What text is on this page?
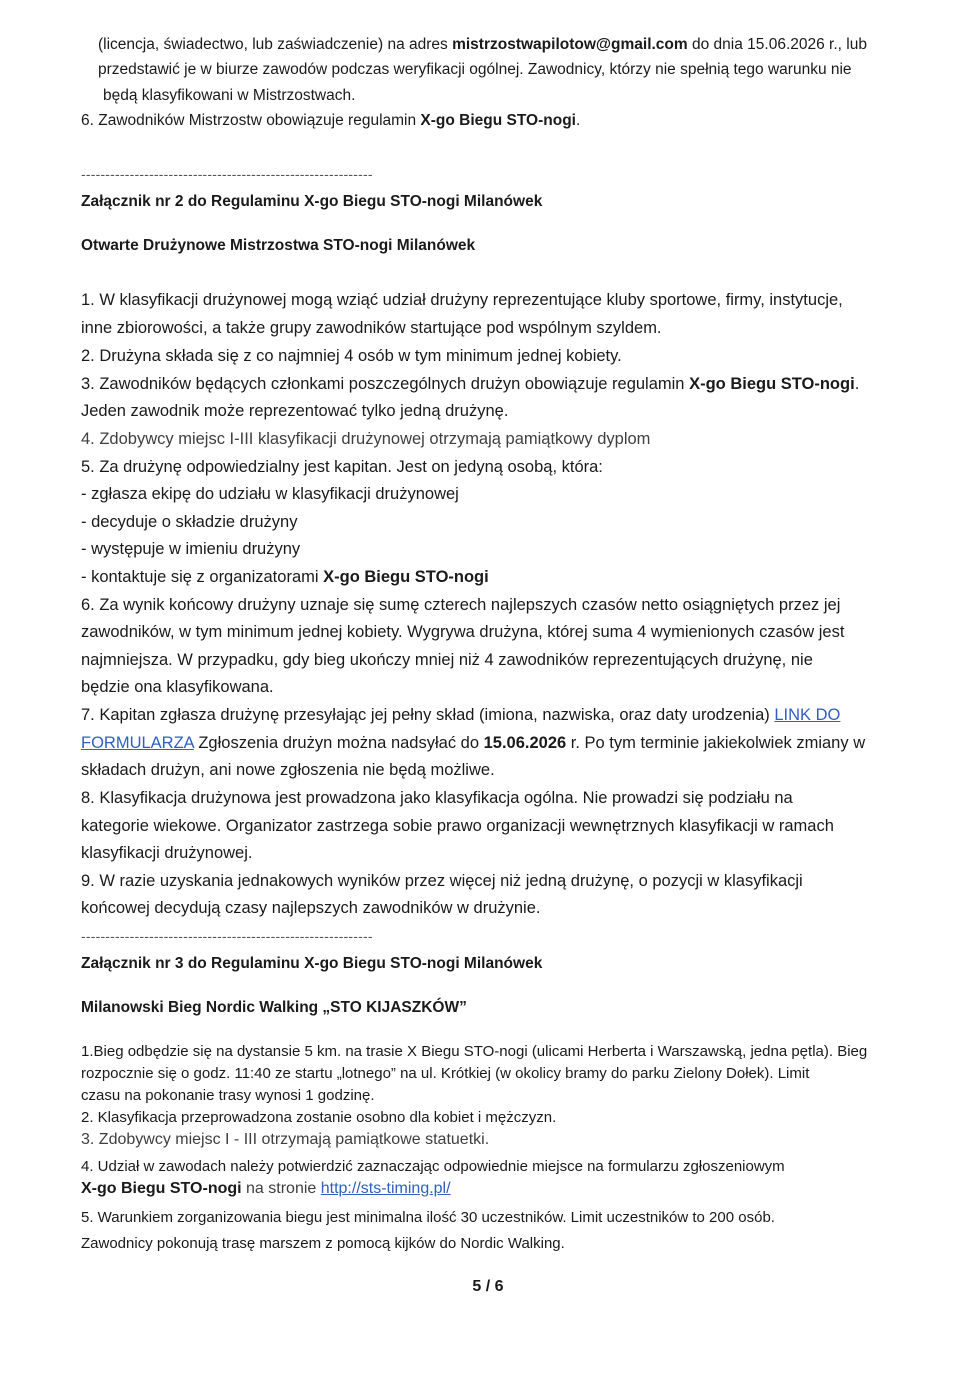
(licencja, świadectwo, lub zaświadczenie) na adres mistrzostwapilotow@gmail.com do dnia 15.06.2026 r., lub
przedstawić je w biurze zawodów podczas weryfikacji ogólnej. Zawodnicy, którzy nie spełnią tego warunku nie
będą klasyfikowani w Mistrzostwach.
6. Zawodników Mistrzostw obowiązuje regulamin X-go Biegu STO-nogi.
------------------------------------------------------------
Załącznik nr 2 do Regulaminu X-go Biegu STO-nogi Milanówek
Otwarte Drużynowe Mistrzostwa STO-nogi Milanówek
1. W klasyfikacji drużynowej mogą wziąć udział drużyny reprezentujące kluby sportowe, firmy, instytucje,
inne zbiorowości, a także grupy zawodników startujące pod wspólnym szyldem.
2. Drużyna składa się z co najmniej 4 osób w tym minimum jednej kobiety.
3. Zawodników będących członkami poszczególnych drużyn obowiązuje regulamin X-go Biegu STO-nogi.
Jeden zawodnik może reprezentować tylko jedną drużynę.
4. Zdobywcy miejsc I-III klasyfikacji drużynowej otrzymają pamiątkowy dyplom
5. Za drużynę odpowiedzialny jest kapitan. Jest on jedyną osobą, która:
- zgłasza ekipę do udziału w klasyfikacji drużynowej
- decyduje o składzie drużyny
- występuje w imieniu drużyny
- kontaktuje się z organizatorami X-go Biegu STO-nogi
6. Za wynik końcowy drużyny uznaje się sumę czterech najlepszych czasów netto osiągniętych przez jej
zawodników, w tym minimum jednej kobiety. Wygrywa drużyna, której suma 4 wymienionych czasów jest
najmniejsza. W przypadku, gdy bieg ukończy mniej niż 4 zawodników reprezentujących drużynę, nie
będzie ona klasyfikowana.
7. Kapitan zgłasza drużynę przesyłając jej pełny skład (imiona, nazwiska, oraz daty urodzenia) LINK DO
FORMULARZA Zgłoszenia drużyn można nadsyłać do 15.06.2026 r. Po tym terminie jakiekolwiek zmiany w
składach drużyn, ani nowe zgłoszenia nie będą możliwe.
8. Klasyfikacja drużynowa jest prowadzona jako klasyfikacja ogólna. Nie prowadzi się podziału na
kategorie wiekowe. Organizator zastrzega sobie prawo organizacji wewnętrznych klasyfikacji w ramach
klasyfikacji drużynowej.
9. W razie uzyskania jednakowych wyników przez więcej niż jedną drużynę, o pozycji w klasyfikacji
końcowej decydują czasy najlepszych zawodników w drużynie.
------------------------------------------------------------
Załącznik nr 3 do Regulaminu X-go Biegu STO-nogi Milanówek
Milanowski Bieg Nordic Walking „STO KIJASZKÓW”
1.Bieg odbędzie się na dystansie 5 km. na trasie X Biegu STO-nogi (ulicami Herberta i Warszawską, jedna pętla). Bieg
rozpocznie się o godz. 11:40 ze startu „lotnego” na ul. Krótkiej (w okolicy bramy do parku Zielony Dołek). Limit
czasu na pokonanie trasy wynosi 1 godzinę.
2. Klasyfikacja przeprowadzona zostanie osobno dla kobiet i mężczyzn.
3. Zdobywcy miejsc I - III otrzymają pamiątkowe statuetki.
4. Udział w zawodach należy potwierdzić zaznaczając odpowiednie miejsce na formularzu zgłoszeniowym
X-go Biegu STO-nogi na stronie http://sts-timing.pl/
5. Warunkiem zorganizowania biegu jest minimalna ilość 30 uczestników. Limit uczestników to 200 osób.
Zawodnicy pokonują trasę marszem z pomocą kijków do Nordic Walking.
5 / 6
